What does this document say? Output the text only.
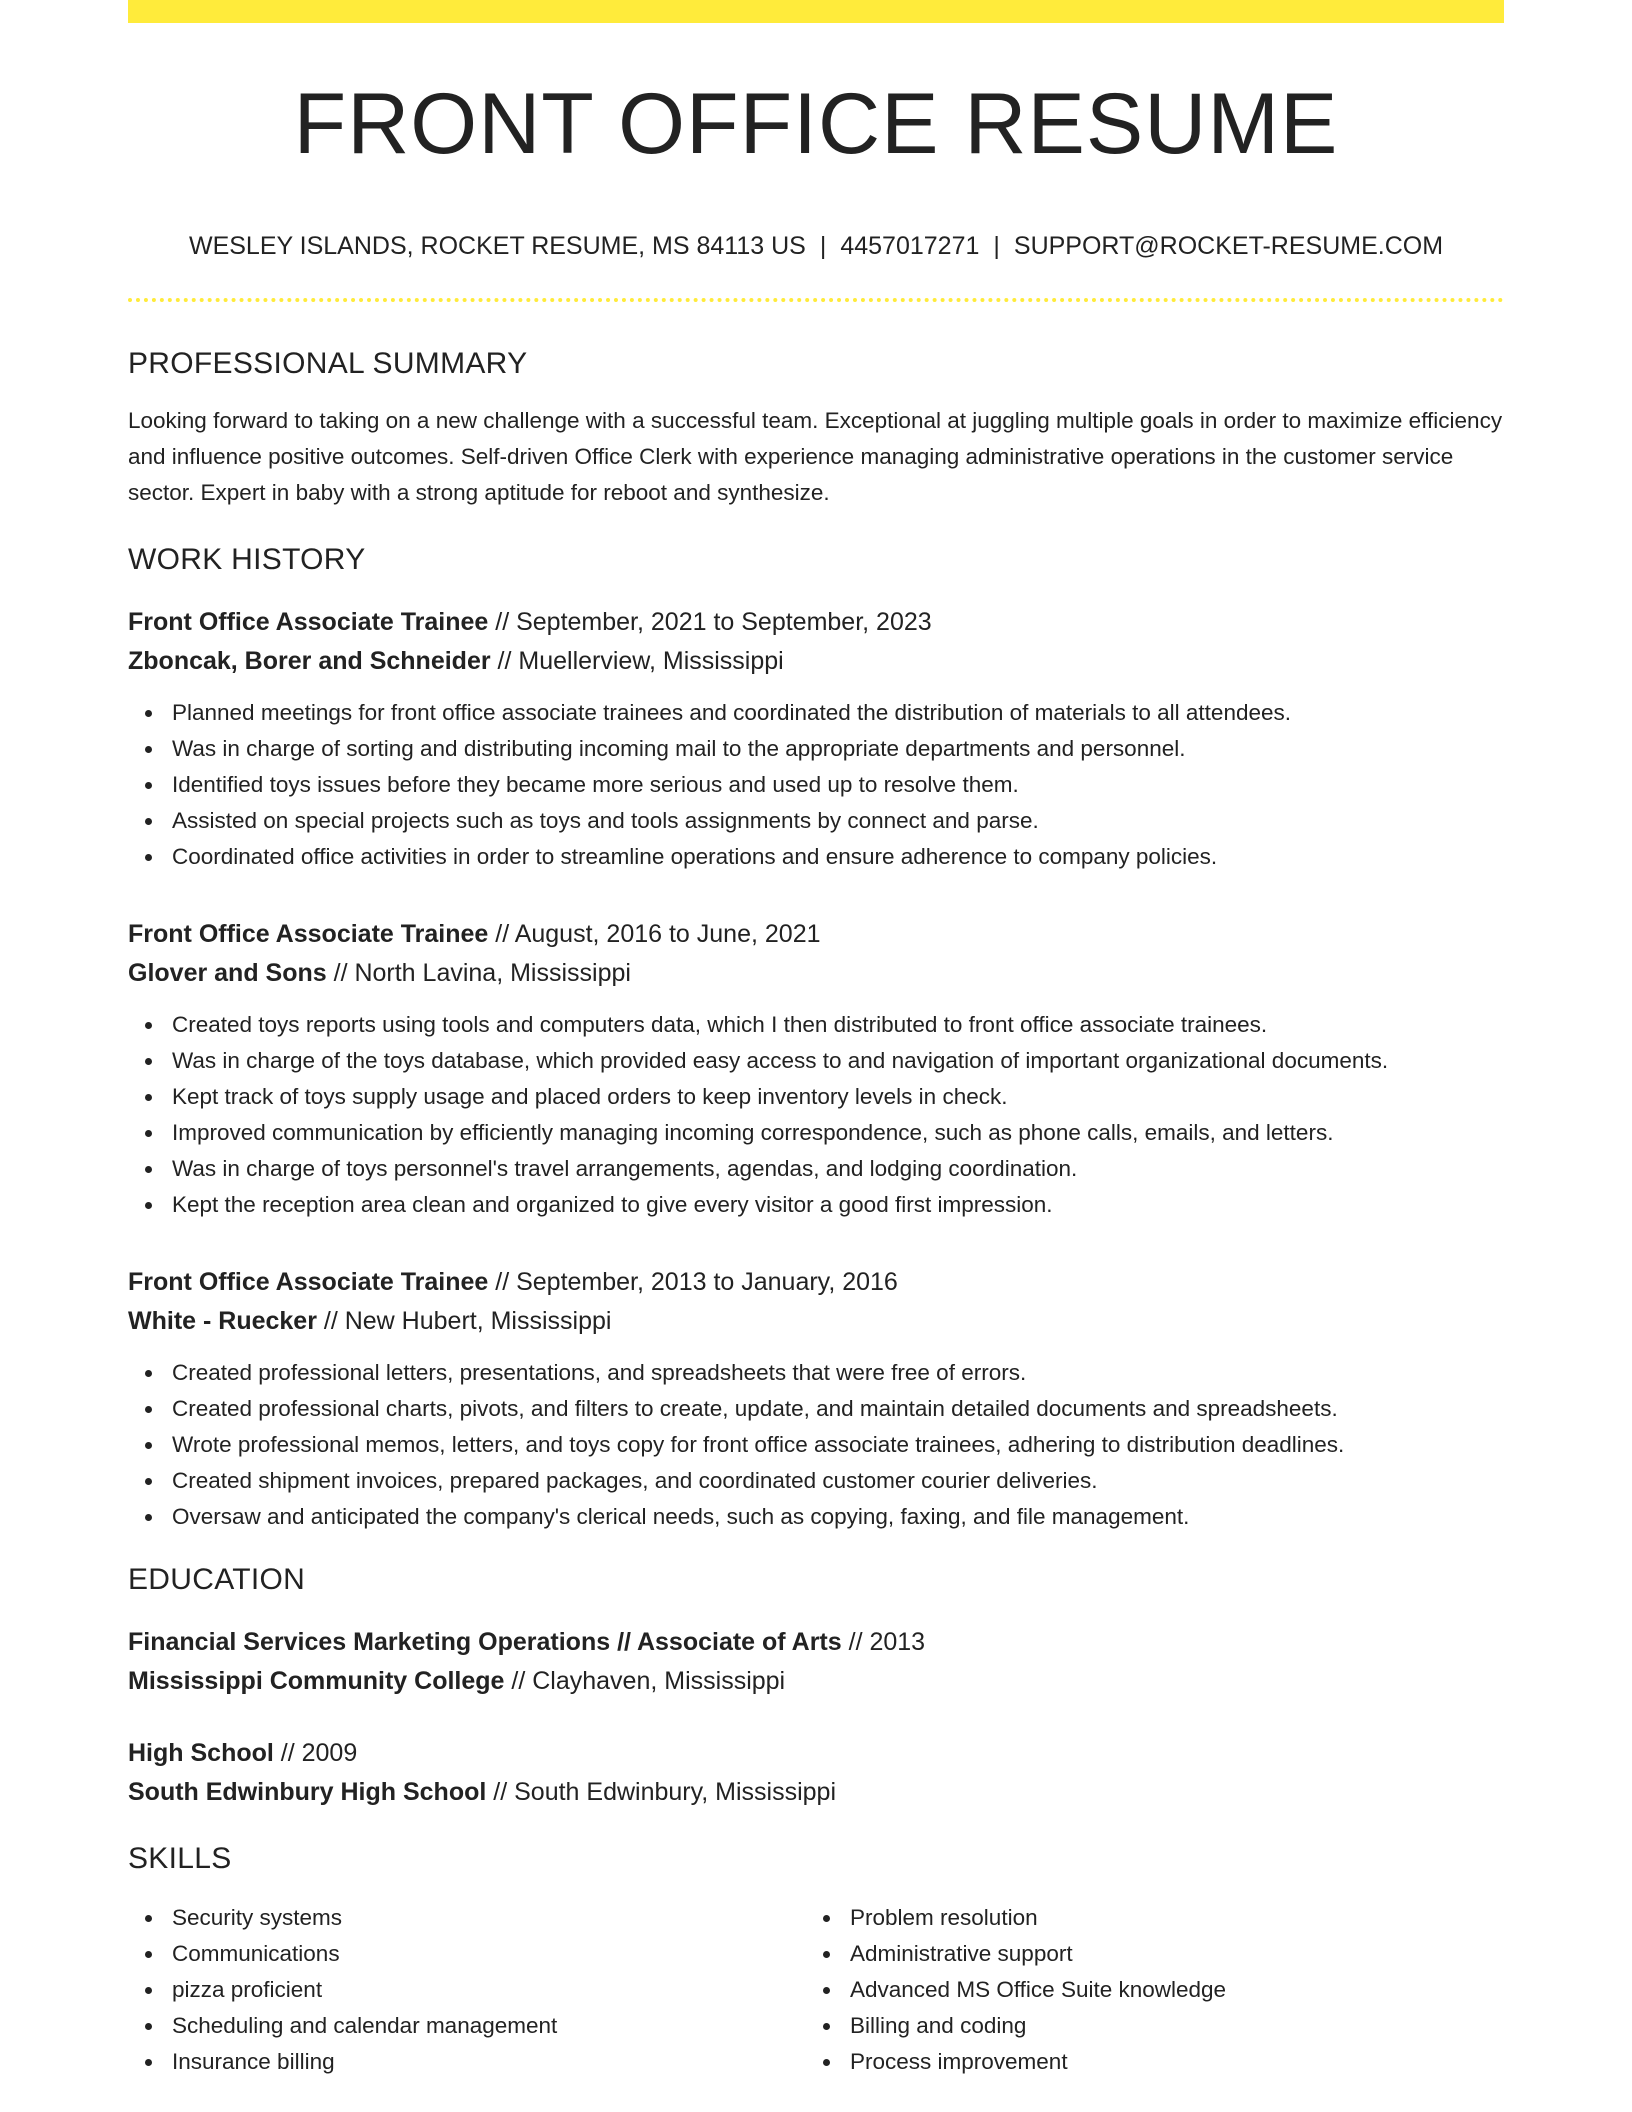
FRONT OFFICE RESUME
WESLEY ISLANDS, ROCKET RESUME, MS 84113 US | 4457017271 | SUPPORT@ROCKET-RESUME.COM
PROFESSIONAL SUMMARY

Looking forward to taking on a new challenge with a successful team. Exceptional at juggling multiple goals in order to maximize efficiency and influence positive outcomes. Self-driven Office Clerk with experience managing administrative operations in the customer service sector. Expert in baby with a strong aptitude for reboot and synthesize.

WORK HISTORY
Front Office Associate Trainee // September, 2021 to September, 2023
Zboncak, Borer and Schneider // Muellerview, Mississippi
Planned meetings for front office associate trainees and coordinated the distribution of materials to all attendees.
Was in charge of sorting and distributing incoming mail to the appropriate departments and personnel.
Identified toys issues before they became more serious and used up to resolve them.
Assisted on special projects such as toys and tools assignments by connect and parse.
Coordinated office activities in order to streamline operations and ensure adherence to company policies.
Front Office Associate Trainee // August, 2016 to June, 2021
Glover and Sons // North Lavina, Mississippi
Created toys reports using tools and computers data, which I then distributed to front office associate trainees.
Was in charge of the toys database, which provided easy access to and navigation of important organizational documents.
Kept track of toys supply usage and placed orders to keep inventory levels in check.
Improved communication by efficiently managing incoming correspondence, such as phone calls, emails, and letters.
Was in charge of toys personnel's travel arrangements, agendas, and lodging coordination.
Kept the reception area clean and organized to give every visitor a good first impression.
Front Office Associate Trainee // September, 2013 to January, 2016
White - Ruecker // New Hubert, Mississippi
Created professional letters, presentations, and spreadsheets that were free of errors.
Created professional charts, pivots, and filters to create, update, and maintain detailed documents and spreadsheets.
Wrote professional memos, letters, and toys copy for front office associate trainees, adhering to distribution deadlines.
Created shipment invoices, prepared packages, and coordinated customer courier deliveries.
Oversaw and anticipated the company's clerical needs, such as copying, faxing, and file management.
EDUCATION
Financial Services Marketing Operations // Associate of Arts // 2013
Mississippi Community College // Clayhaven, Mississippi
High School // 2009
South Edwinbury High School // South Edwinbury, Mississippi
SKILLS
Security systems
Communications
pizza proficient
Scheduling and calendar management
Insurance billing
Problem resolution
Administrative support
Advanced MS Office Suite knowledge
Billing and coding
Process improvement
